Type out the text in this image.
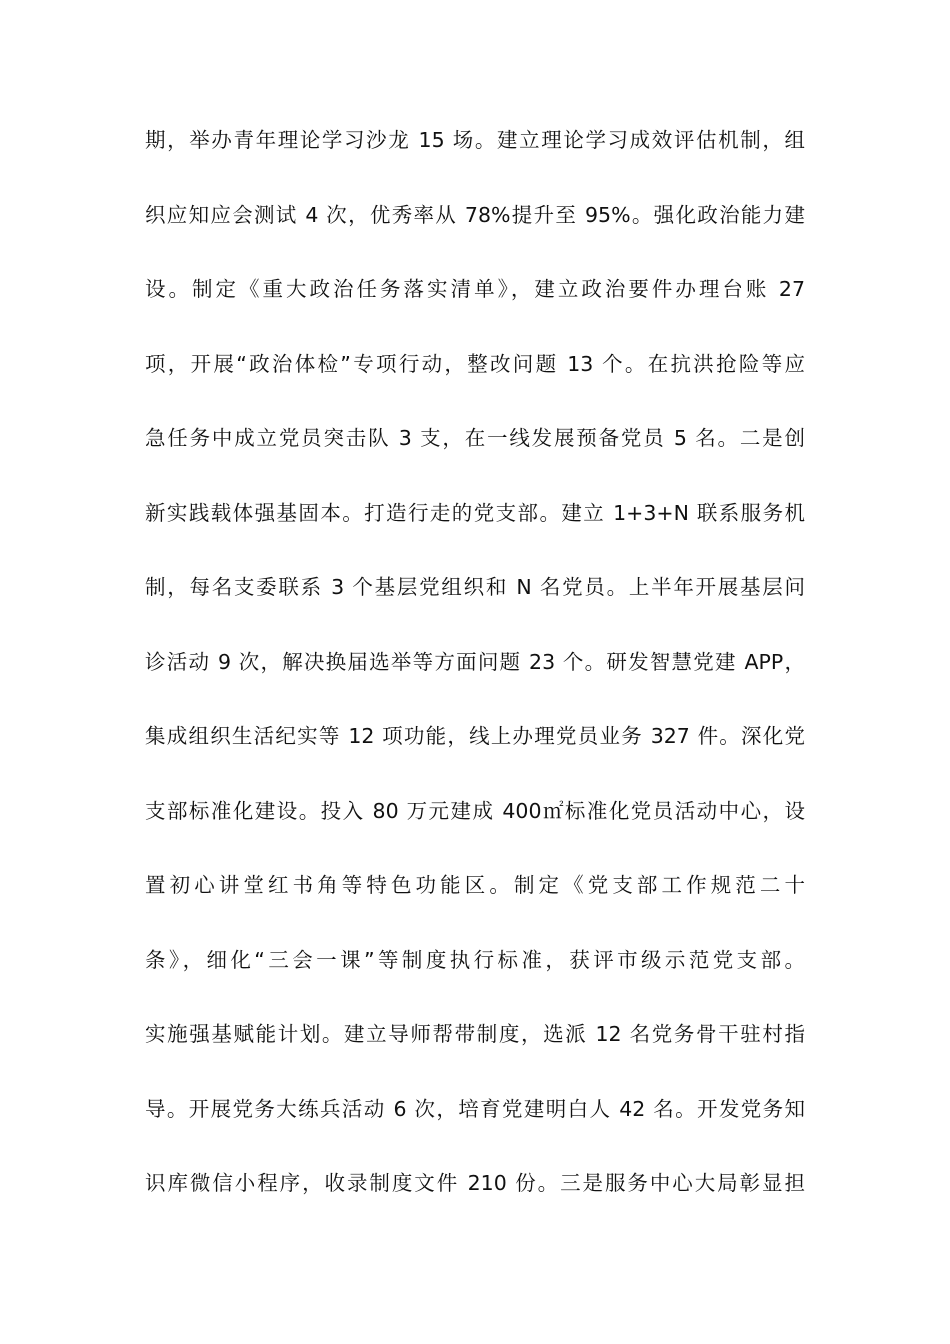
期，举办青年理论学习沙龙 15 场。建立理论学习成效评估机制，组
织应知应会测试 4 次，优秀率从 78%提升至 95%。强化政治能力建
设。制定《重大政治任务落实清单》，建立政治要件办理台账 27
项，开展“政治体检”专项行动，整改问题 13 个。在抗洪抢险等应
急任务中成立党员突击队 3 支，在一线发展预备党员 5 名。二是创
新实践载体强基固本。打造行走的党支部。建立 1+3+N 联系服务机
制，每名支委联系 3 个基层党组织和 N 名党员。上半年开展基层问
诊活动 9 次，解决换届选举等方面问题 23 个。研发智慧党建 APP，
集成组织生活纪实等 12 项功能，线上办理党员业务 327 件。深化党
支部标准化建设。投入 80 万元建成 400㎡标准化党员活动中心，设
置初心讲堂红书角等特色功能区。制定《党支部工作规范二十
条》，细化“三会一课”等制度执行标准，获评市级示范党支部。
实施强基赋能计划。建立导师帮带制度，选派 12 名党务骨干驻村指
导。开展党务大练兵活动 6 次，培育党建明白人 42 名。开发党务知
识库微信小程序，收录制度文件 210 份。三是服务中心大局彰显担
